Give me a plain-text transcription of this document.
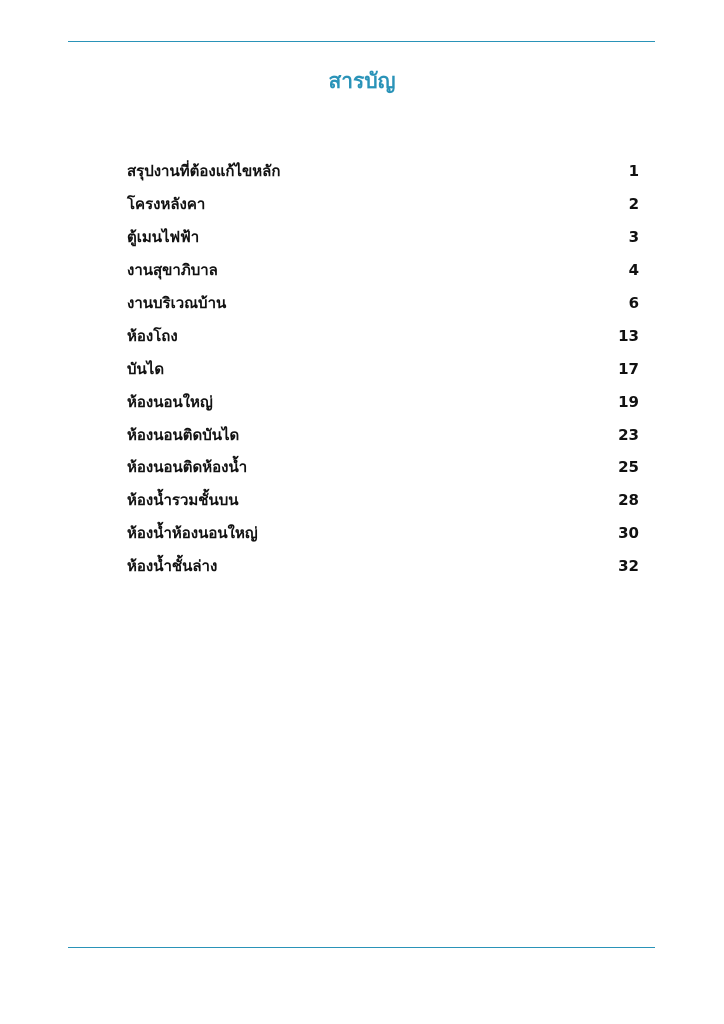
สารบัญ
สรุปงานที่ต้องแก้ไขหลัก	1
โครงหลังคา	2
ตู้เมนไฟฟ้า	3
งานสุขาภิบาล	4
งานบริเวณบ้าน	6
ห้องโถง	13
บันได	17
ห้องนอนใหญ่	19
ห้องนอนติดบันได	23
ห้องนอนติดห้องน้ำ	25
ห้องน้ำรวมชั้นบน	28
ห้องน้ำห้องนอนใหญ่	30
ห้องน้ำชั้นล่าง	32
